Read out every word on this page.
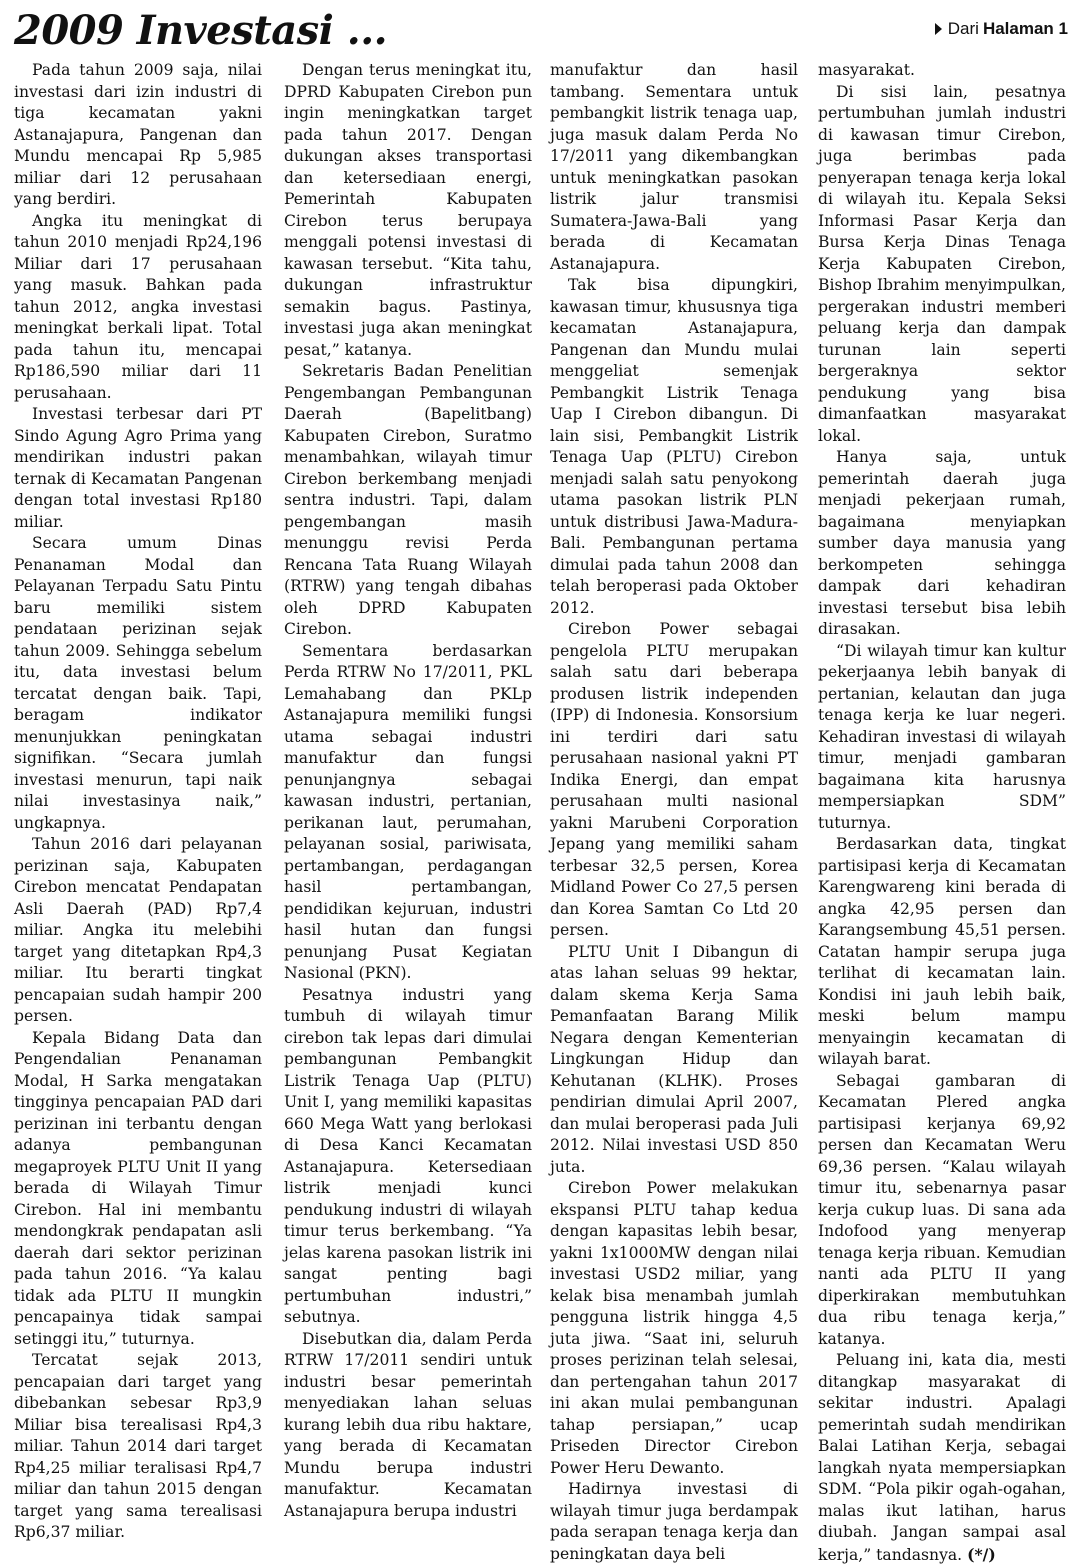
2009 Investasi ...	Dari Halaman 1

Pada tahun 2009 saja, nilai investasi dari izin industri di tiga kecamatan yakni Astanajapura, Pangenan dan Mundu mencapai Rp 5,985 miliar dari 12 perusahaan yang berdiri.

Angka itu meningkat di tahun 2010 menjadi Rp24,196 Miliar dari 17 perusahaan yang masuk. Bahkan pada tahun 2012, angka investasi meningkat berkali lipat. Total pada tahun itu, mencapai Rp186,590 miliar dari 11 perusahaan.

Investasi terbesar dari PT Sindo Agung Agro Prima yang mendirikan industri pakan ternak di Kecamatan Pangenan dengan total investasi Rp180 miliar.

Secara umum Dinas Penanaman Modal dan Pelayanan Terpadu Satu Pintu baru memiliki sistem pendataan perizinan sejak tahun 2009. Sehingga sebelum itu, data investasi belum tercatat dengan baik. Tapi, beragam indikator menunjukkan peningkatan signifikan. “Secara jumlah investasi menurun, tapi naik nilai investasinya naik,” ungkapnya.

Tahun 2016 dari pelayanan perizinan saja, Kabupaten Cirebon mencatat Pendapatan Asli Daerah (PAD) Rp7,4 miliar. Angka itu melebihi target yang ditetapkan Rp4,3 miliar. Itu berarti tingkat pencapaian sudah hampir 200 persen.

Kepala Bidang Data dan Pengendalian Penanaman Modal, H Sarka mengatakan tingginya pencapaian PAD dari perizinan ini terbantu dengan adanya pembangunan megaproyek PLTU Unit II yang berada di Wilayah Timur Cirebon. Hal ini membantu mendongkrak pendapatan asli daerah dari sektor perizinan pada tahun 2016. “Ya kalau tidak ada PLTU II mungkin pencapainya tidak sampai setinggi itu,” tuturnya.

Tercatat sejak 2013, pencapaian dari target yang dibebankan sebesar Rp3,9 Miliar bisa terealisasi Rp4,3 miliar. Tahun 2014 dari target Rp4,25 miliar teralisasi Rp4,7 miliar dan tahun 2015 dengan target yang sama terealisasi Rp6,37 miliar.

Dengan terus meningkat itu, DPRD Kabupaten Cirebon pun ingin meningkatkan target pada tahun 2017. Dengan dukungan akses transportasi dan ketersediaan energi, Pemerintah Kabupaten Cirebon terus berupaya menggali potensi investasi di kawasan tersebut. “Kita tahu, dukungan infrastruktur semakin bagus. Pastinya, investasi juga akan meningkat pesat,” katanya.

Sekretaris Badan Penelitian Pengembangan Pembangunan Daerah (Bapelitbang) Kabupaten Cirebon, Suratmo menambahkan, wilayah timur Cirebon berkembang menjadi sentra industri. Tapi, dalam pengembangan masih menunggu revisi Perda Rencana Tata Ruang Wilayah (RTRW) yang tengah dibahas oleh DPRD Kabupaten Cirebon.

Sementara berdasarkan Perda RTRW No 17/2011, PKL Lemahabang dan PKLp Astanajapura memiliki fungsi utama sebagai industri manufaktur dan fungsi penunjangnya sebagai kawasan industri, pertanian, perikanan laut, perumahan, pelayanan sosial, pariwisata, pertambangan, perdagangan hasil pertambangan, pendidikan kejuruan, industri hasil hutan dan fungsi penunjang Pusat Kegiatan Nasional (PKN).

Pesatnya industri yang tumbuh di wilayah timur cirebon tak lepas dari dimulai pembangunan Pembangkit Listrik Tenaga Uap (PLTU) Unit I, yang memiliki kapasitas 660 Mega Watt yang berlokasi di Desa Kanci Kecamatan Astanajapura. Ketersediaan listrik menjadi kunci pendukung industri di wilayah timur terus berkembang. “Ya jelas karena pasokan listrik ini sangat penting bagi pertumbuhan industri,” sebutnya.

Disebutkan dia, dalam Perda RTRW 17/2011 sendiri untuk industri besar pemerintah menyediakan lahan seluas kurang lebih dua ribu haktare, yang berada di Kecamatan Mundu berupa industri manufaktur. Kecamatan Astanajapura berupa industri

manufaktur dan hasil tambang. Sementara untuk pembangkit listrik tenaga uap, juga masuk dalam Perda No 17/2011 yang dikembangkan untuk meningkatkan pasokan listrik jalur transmisi Sumatera-Jawa-Bali yang berada di Kecamatan Astanajapura.

Tak bisa dipungkiri, kawasan timur, khususnya tiga kecamatan Astanajapura, Pangenan dan Mundu mulai menggeliat semenjak Pembangkit Listrik Tenaga Uap I Cirebon dibangun. Di lain sisi, Pembangkit Listrik Tenaga Uap (PLTU) Cirebon menjadi salah satu penyokong utama pasokan listrik PLN untuk distribusi Jawa-Madura-Bali. Pembangunan pertama dimulai pada tahun 2008 dan telah beroperasi pada Oktober 2012.

Cirebon Power sebagai pengelola PLTU merupakan salah satu dari beberapa produsen listrik independen (IPP) di Indonesia. Konsorsium ini terdiri dari satu perusahaan nasional yakni PT Indika Energi, dan empat perusahaan multi nasional yakni Marubeni Corporation Jepang yang memiliki saham terbesar 32,5 persen, Korea Midland Power Co 27,5 persen dan Korea Samtan Co Ltd 20 persen.

PLTU Unit I Dibangun di atas lahan seluas 99 hektar, dalam skema Kerja Sama Pemanfaatan Barang Milik Negara dengan Kementerian Lingkungan Hidup dan Kehutanan (KLHK). Proses pendirian dimulai April 2007, dan mulai beroperasi pada Juli 2012. Nilai investasi USD 850 juta.

Cirebon Power melakukan ekspansi PLTU tahap kedua dengan kapasitas lebih besar, yakni 1x1000MW dengan nilai investasi USD2 miliar, yang kelak bisa menambah jumlah pengguna listrik hingga 4,5 juta jiwa. “Saat ini, seluruh proses perizinan telah selesai, dan pertengahan tahun 2017 ini akan mulai pembangunan tahap persiapan,” ucap Priseden Director Cirebon Power Heru Dewanto.

Hadirnya investasi di wilayah timur juga berdampak pada serapan tenaga kerja dan peningkatan daya beli

masyarakat.

Di sisi lain, pesatnya pertumbuhan jumlah industri di kawasan timur Cirebon, juga berimbas pada penyerapan tenaga kerja lokal di wilayah itu. Kepala Seksi Informasi Pasar Kerja dan Bursa Kerja Dinas Tenaga Kerja Kabupaten Cirebon, Bishop Ibrahim menyimpulkan, pergerakan industri memberi peluang kerja dan dampak turunan lain seperti bergeraknya sektor pendukung yang bisa dimanfaatkan masyarakat lokal.

Hanya saja, untuk pemerintah daerah juga menjadi pekerjaan rumah, bagaimana menyiapkan sumber daya manusia yang berkompeten sehingga dampak dari kehadiran investasi tersebut bisa lebih dirasakan.

“Di wilayah timur kan kultur pekerjaanya lebih banyak di pertanian, kelautan dan juga tenaga kerja ke luar negeri. Kehadiran investasi di wilayah timur, menjadi gambaran bagaimana kita harusnya mempersiapkan SDM” tuturnya.

Berdasarkan data, tingkat partisipasi kerja di Kecamatan Karengwareng kini berada di angka 42,95 persen dan Karangsembung 45,51 persen. Catatan hampir serupa juga terlihat di kecamatan lain. Kondisi ini jauh lebih baik, meski belum mampu menyaingin kecamatan di wilayah barat.

Sebagai gambaran di Kecamatan Plered angka partisipasi kerjanya 69,92 persen dan Kecamatan Weru 69,36 persen. “Kalau wilayah timur itu, sebenarnya pasar kerja cukup luas. Di sana ada Indofood yang menyerap tenaga kerja ribuan. Kemudian nanti ada PLTU II yang diperkirakan membutuhkan dua ribu tenaga kerja,” katanya.

Peluang ini, kata dia, mesti ditangkap masyarakat di sekitar industri. Apalagi pemerintah sudah mendirikan Balai Latihan Kerja, sebagai langkah nyata mempersiapkan SDM. “Pola pikir ogah-ogahan, malas ikut latihan, harus diubah. Jangan sampai asal kerja,” tandasnya. (*/)
